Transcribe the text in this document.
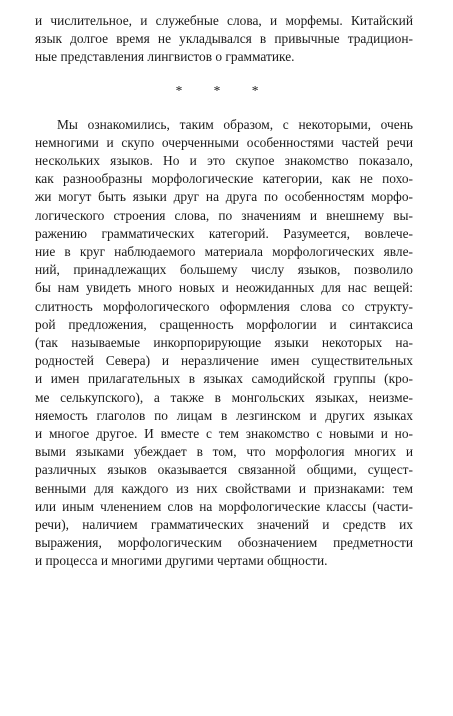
и числительное, и служебные слова, и морфемы. Китайский
язык долгое время не укладывался в привычные традицион-
ные представления лингвистов о грамматике.

* * *

Мы ознакомились, таким образом, с некоторыми, очень
немногими и скупо очерченными особенностями частей речи
нескольких языков. Но и это скупое знакомство показало,
как разнообразны морфологические категории, как не похо-
жи могут быть языки друг на друга по особенностям морфо-
логического строения слова, по значениям и внешнему вы-
ражению грамматических категорий. Разумеется, вовлече-
ние в круг наблюдаемого материала морфологических явле-
ний, принадлежащих большему числу языков, позволило
бы нам увидеть много новых и неожиданных для нас вещей:
слитность морфологического оформления слова со структу-
рой предложения, сращенность морфологии и синтаксиса
(так называемые инкорпорирующие языки некоторых на-
родностей Севера) и неразличение имен существительных
и имен прилагательных в языках самодийской группы (кро-
ме селькупского), а также в монгольских языках, неизме-
няемость глаголов по лицам в лезгинском и других языках
и многое другое. И вместе с тем знакомство с новыми и но-
выми языками убеждает в том, что морфология многих и
различных языков оказывается связанной общими, сущест-
венными для каждого из них свойствами и признаками: тем
или иным членением слов на морфологические классы (части-
речи), наличием грамматических значений и средств их
выражения, морфологическим обозначением предметности
и процесса и многими другими чертами общности.
